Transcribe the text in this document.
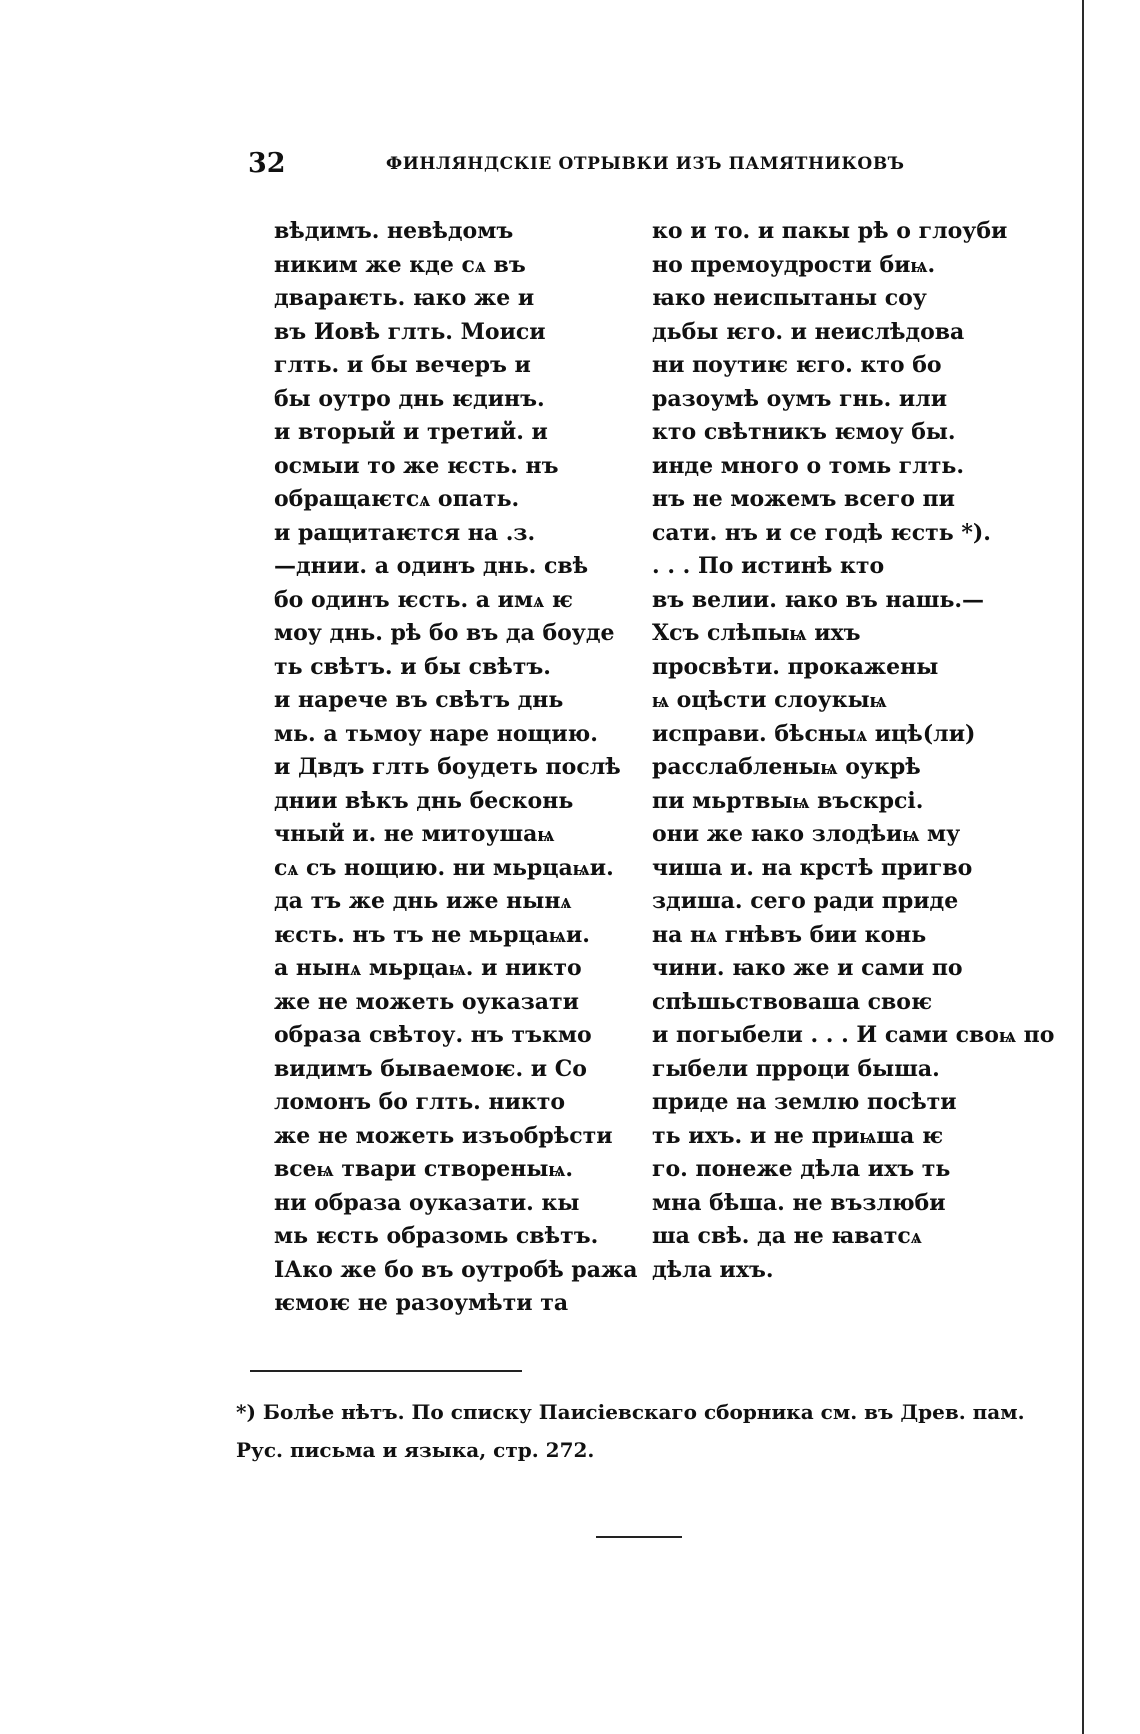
32	ФИНЛЯНДСКІЕ ОТРЫВКИ ИЗЪ ПАМЯТНИКОВЪ
вѣдимъ. невѣдомъ
никим же кде сѧ въ
двараѥть. ꙗко же и
въ Иовѣ глть. Моиси
глть. и бы вечеръ и
бы оутро днь ѥдинъ.
и вторый и третий. и
осмыи то же ѥсть. нъ
обращаѥтсѧ опать.
и ращитаѥтся на .з.
—днии. а одинъ днь. свѣ
бо одинъ ѥсть. а имѧ ѥ
моу днь. рѣ бо въ да боуде
ть свѣтъ. и бы свѣтъ.
и нарече въ свѣтъ днь
мь. а тьмоу наре нощию.
и Двдъ глть боудеть послѣ
днии вѣкъ днь бесконь
чный и. не митоушаѩ
сѧ съ нощию. ни мьрцаѩи.
да тъ же днь иже нынѧ
ѥсть. нъ тъ не мьрцаѩи.
а нынѧ мьрцаѩ. и никто
же не можеть оуказати
образа свѣтоу. нъ тъкмо
видимъ бываемоѥ. и Со
ломонъ бо глть. никто
же не можеть изъобрѣсти
всеѩ твари створеныѩ.
ни образа оуказати. кы
мь ѥсть образомь свѣтъ.
ІАко же бо въ оутробѣ ража
ѥмоѥ не разоумѣти та
ко и то. и пакы рѣ о глоуби
но премоудрости биѩ.
ꙗко неиспытаны соу
дьбы ѥго. и неислѣдова
ни поутиѥ ѥго. кто бо
разоумѣ оумъ гнь. или
кто свѣтникъ ѥмоу бы.
инде много о томь глть.
нъ не можемъ всего пи
сати. нъ и се годѣ ѥсть *).
. . . По истинѣ кто
въ велии. ꙗко въ нашь.—
Хсъ слѣпыѩ ихъ
просвѣти. прокажены
ѩ оцѣсти слоукыѩ
исправи. бѣсныѧ ицѣ(ли)
расслабленыѩ оукрѣ
пи мьртвыѩ въскрсі.
они же ꙗко злодѣиѩ му
чиша и. на крстѣ пригво
здиша. сего ради приде
на нѧ гнѣвъ бии конь
чини. ꙗко же и сами по
спѣшьствоваша своѥ
и погыбели . . . И сами своѩ по
гыбели прроци быша.
приде на землю посѣти
ть ихъ. и не приѩша ѥ
го. понеже дѣла ихъ ть
мна бѣша. не възлюби
ша свѣ. да не ꙗватсѧ
дѣла ихъ.
*) Болѣе нѣтъ. По списку Паисіевскаго сборника см. въ Древ. пам.
Рус. письма и языка, стр. 272.
